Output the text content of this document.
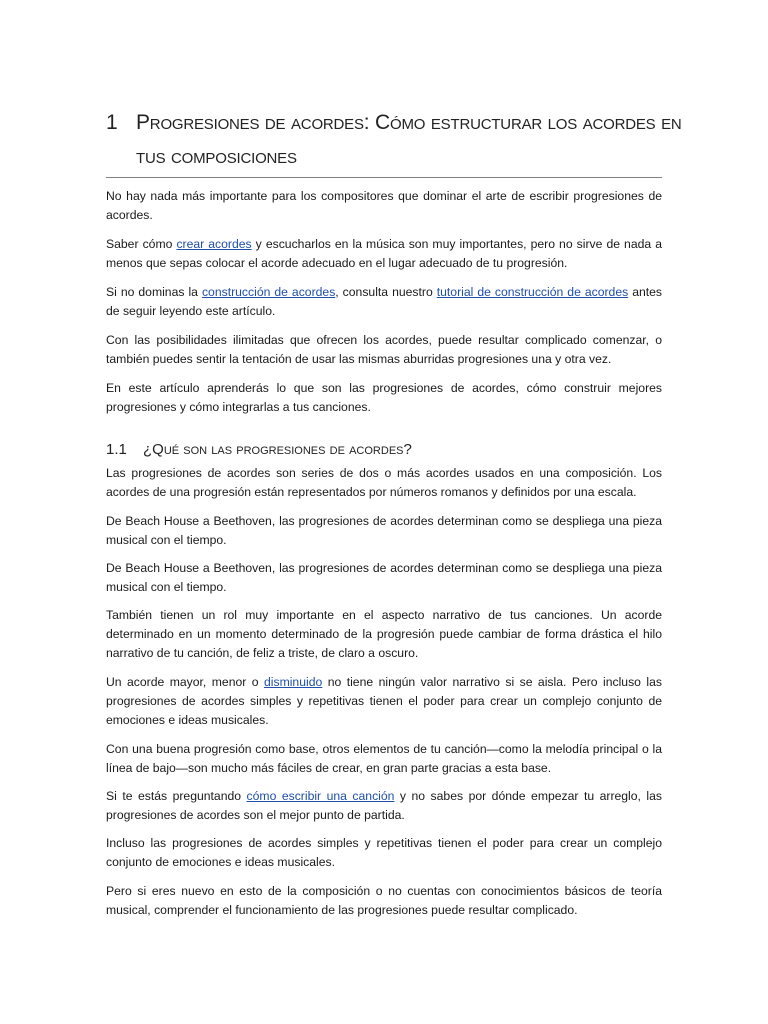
1 Progresiones de acordes: Cómo estructurar los acordes en
tus composiciones
No hay nada más importante para los compositores que dominar el arte de escribir progresiones de acordes.
Saber cómo crear acordes y escucharlos en la música son muy importantes, pero no sirve de nada a menos que sepas colocar el acorde adecuado en el lugar adecuado de tu progresión.
Si no dominas la construcción de acordes, consulta nuestro tutorial de construcción de acordes antes de seguir leyendo este artículo.
Con las posibilidades ilimitadas que ofrecen los acordes, puede resultar complicado comenzar, o también puedes sentir la tentación de usar las mismas aburridas progresiones una y otra vez.
En este artículo aprenderás lo que son las progresiones de acordes, cómo construir mejores progresiones y cómo integrarlas a tus canciones.
1.1 ¿Qué son las progresiones de acordes?
Las progresiones de acordes son series de dos o más acordes usados en una composición. Los acordes de una progresión están representados por números romanos y definidos por una escala.
De Beach House a Beethoven, las progresiones de acordes determinan como se despliega una pieza musical con el tiempo.
De Beach House a Beethoven, las progresiones de acordes determinan como se despliega una pieza musical con el tiempo.
También tienen un rol muy importante en el aspecto narrativo de tus canciones. Un acorde determinado en un momento determinado de la progresión puede cambiar de forma drástica el hilo narrativo de tu canción, de feliz a triste, de claro a oscuro.
Un acorde mayor, menor o disminuido no tiene ningún valor narrativo si se aisla. Pero incluso las progresiones de acordes simples y repetitivas tienen el poder para crear un complejo conjunto de emociones e ideas musicales.
Con una buena progresión como base, otros elementos de tu canción—como la melodía principal o la línea de bajo—son mucho más fáciles de crear, en gran parte gracias a esta base.
Si te estás preguntando cómo escribir una canción y no sabes por dónde empezar tu arreglo, las progresiones de acordes son el mejor punto de partida.
Incluso las progresiones de acordes simples y repetitivas tienen el poder para crear un complejo conjunto de emociones e ideas musicales.
Pero si eres nuevo en esto de la composición o no cuentas con conocimientos básicos de teoría musical, comprender el funcionamiento de las progresiones puede resultar complicado.
